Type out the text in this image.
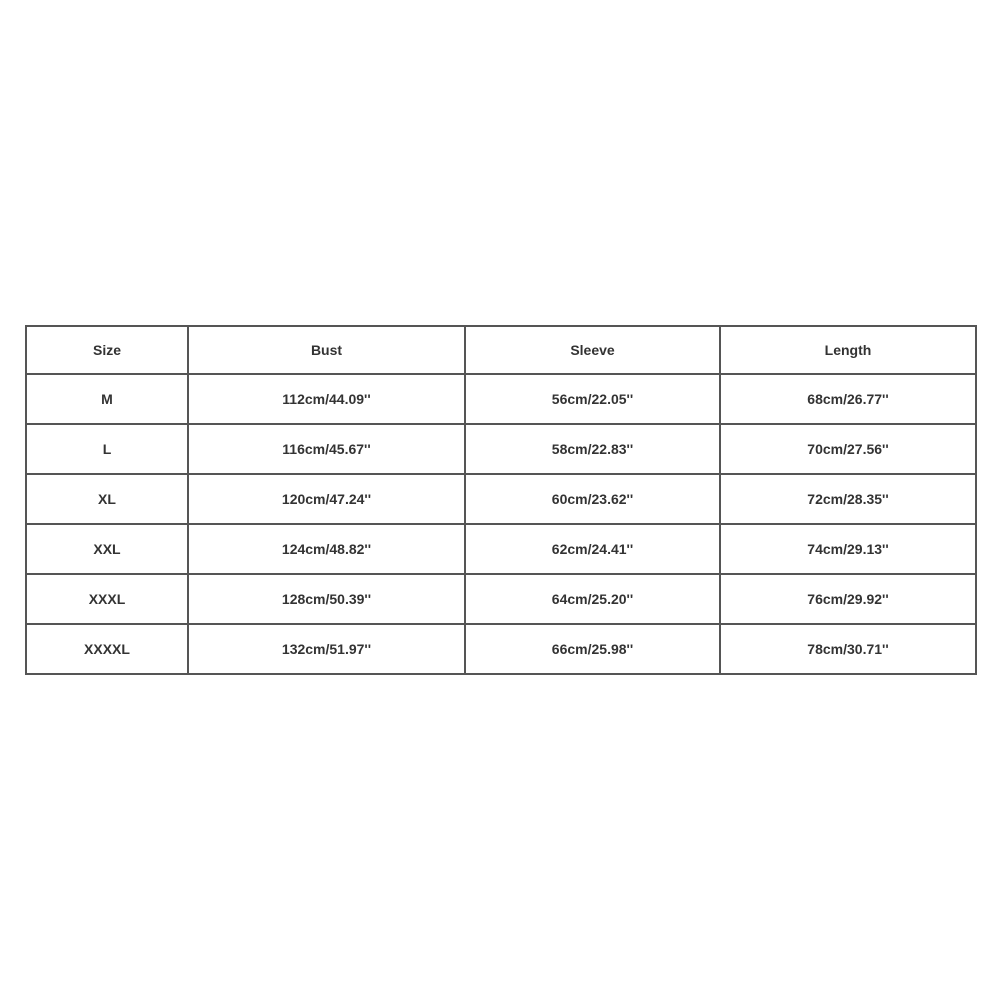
Size	Bust	Sleeve	Length
M	112cm/44.09''	56cm/22.05''	68cm/26.77''
L	116cm/45.67''	58cm/22.83''	70cm/27.56''
XL	120cm/47.24''	60cm/23.62''	72cm/28.35''
XXL	124cm/48.82''	62cm/24.41''	74cm/29.13''
XXXL	128cm/50.39''	64cm/25.20''	76cm/29.92''
XXXXL	132cm/51.97''	66cm/25.98''	78cm/30.71''
